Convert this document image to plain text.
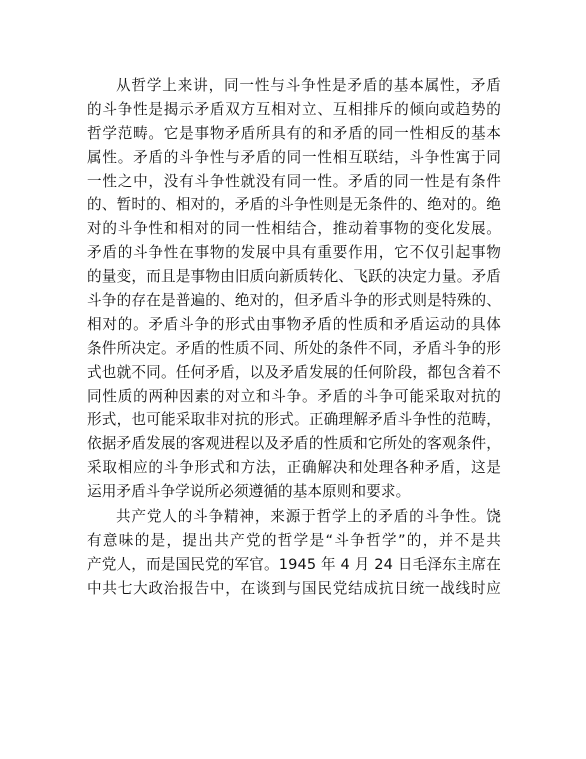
从哲学上来讲，同一性与斗争性是矛盾的基本属性，矛盾
的斗争性是揭示矛盾双方互相对立、互相排斥的倾向或趋势的
哲学范畴。它是事物矛盾所具有的和矛盾的同一性相反的基本
属性。矛盾的斗争性与矛盾的同一性相互联结，斗争性寓于同
一性之中，没有斗争性就没有同一性。矛盾的同一性是有条件
的、暂时的、相对的，矛盾的斗争性则是无条件的、绝对的。绝
对的斗争性和相对的同一性相结合，推动着事物的变化发展。
矛盾的斗争性在事物的发展中具有重要作用，它不仅引起事物
的量变，而且是事物由旧质向新质转化、飞跃的决定力量。矛盾
斗争的存在是普遍的、绝对的，但矛盾斗争的形式则是特殊的、
相对的。矛盾斗争的形式由事物矛盾的性质和矛盾运动的具体
条件所决定。矛盾的性质不同、所处的条件不同，矛盾斗争的形
式也就不同。任何矛盾，以及矛盾发展的任何阶段，都包含着不
同性质的两种因素的对立和斗争。矛盾的斗争可能采取对抗的
形式，也可能采取非对抗的形式。正确理解矛盾斗争性的范畴，
依据矛盾发展的客观进程以及矛盾的性质和它所处的客观条件，
采取相应的斗争形式和方法，正确解决和处理各种矛盾，这是
运用矛盾斗争学说所必须遵循的基本原则和要求。
共产党人的斗争精神，来源于哲学上的矛盾的斗争性。饶
有意味的是，提出共产党的哲学是“斗争哲学”的，并不是共
产党人，而是国民党的军官。1945 年 4 月 24 日毛泽东主席在
中共七大政治报告中，在谈到与国民党结成抗日统一战线时应
